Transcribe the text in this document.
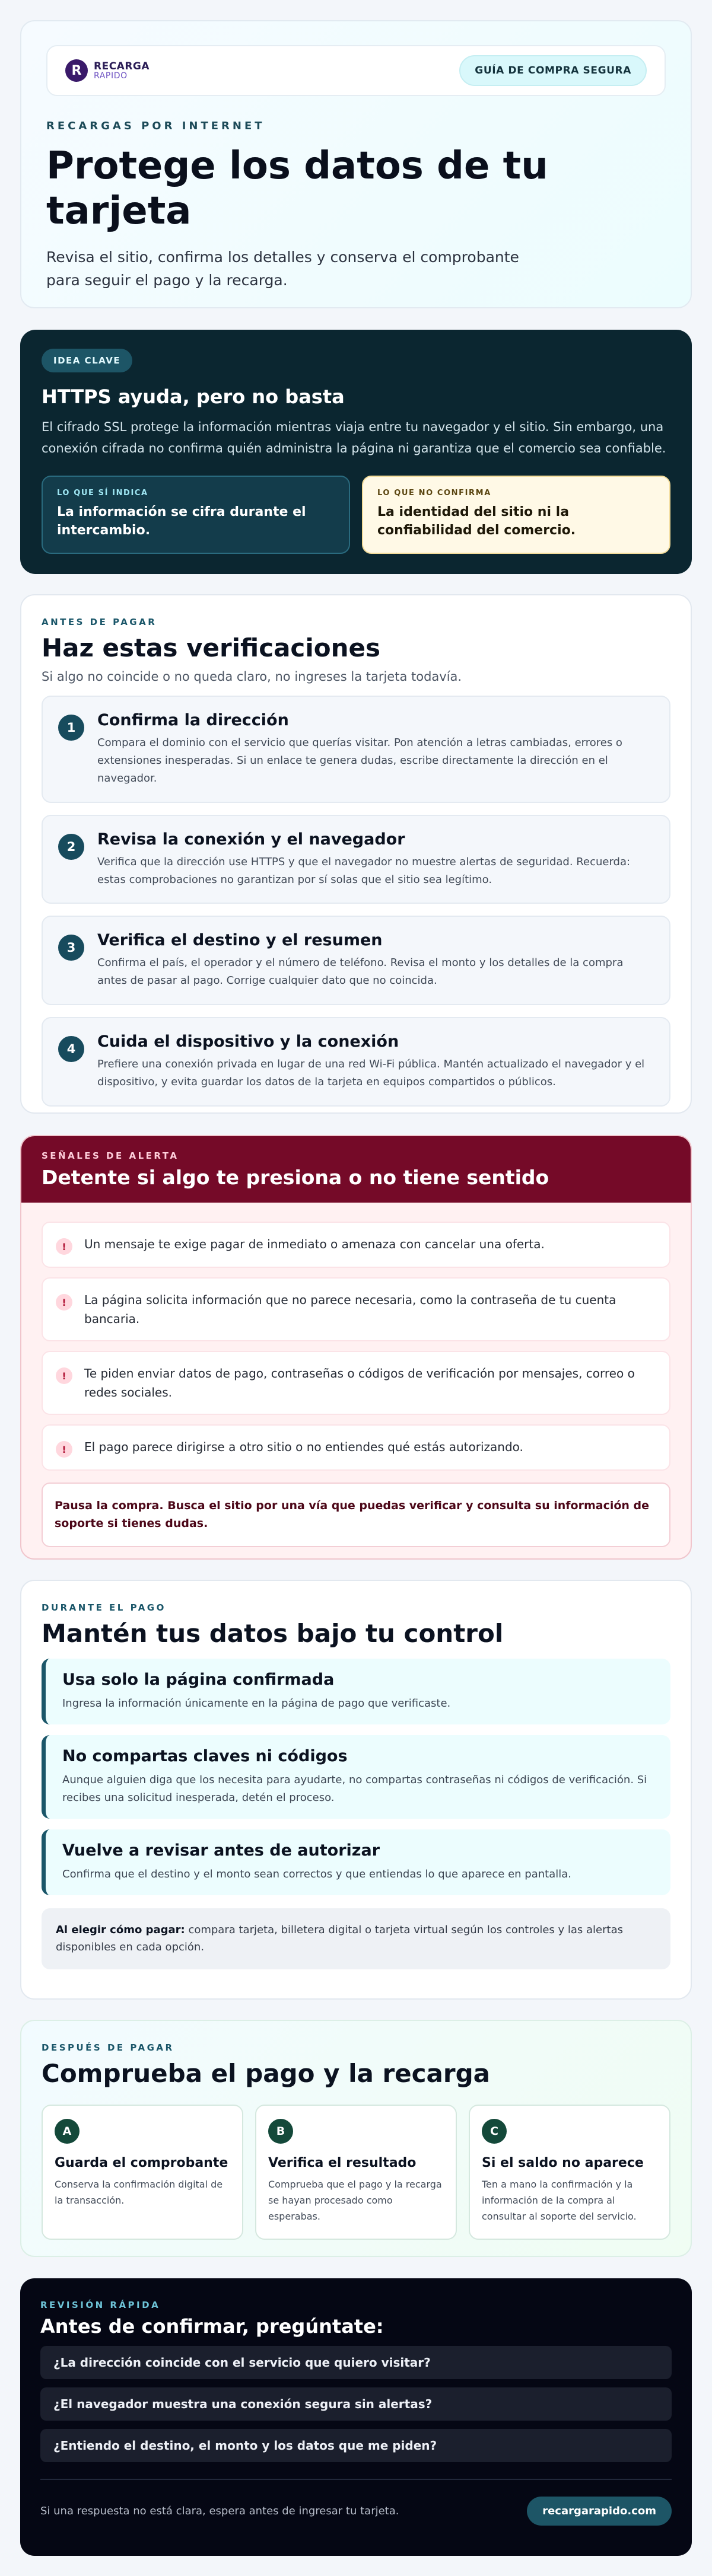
R	RECARGA
RAPIDO	GUÍA DE COMPRA SEGURA
RECARGAS POR INTERNET
Protege los datos de tu tarjeta

Revisa el sitio, confirma los detalles y conserva el comprobante para seguir el pago y la recarga.

IDEA CLAVE
HTTPS ayuda, pero no basta

El cifrado SSL protege la información mientras viaja entre tu navegador y el sitio. Sin embargo, una conexión cifrada no confirma quién administra la página ni garantiza que el comercio sea confiable.

LO QUE SÍ INDICA
La información se cifra durante el intercambio.
LO QUE NO CONFIRMA
La identidad del sitio ni la confiabilidad del comercio.
ANTES DE PAGAR
Haz estas verificaciones
Si algo no coincide o no queda claro, no ingreses la tarjeta todavía.
1	Confirma la dirección

Compara el dominio con el servicio que querías visitar. Pon atención a letras cambiadas, errores o extensiones inesperadas. Si un enlace te genera dudas, escribe directamente la dirección en el navegador.

2	Revisa la conexión y el navegador

Verifica que la dirección use HTTPS y que el navegador no muestre alertas de seguridad. Recuerda: estas comprobaciones no garantizan por sí solas que el sitio sea legítimo.

3	Verifica el destino y el resumen

Confirma el país, el operador y el número de teléfono. Revisa el monto y los detalles de la compra antes de pasar al pago. Corrige cualquier dato que no coincida.

4	Cuida el dispositivo y la conexión

Prefiere una conexión privada en lugar de una red Wi-Fi pública. Mantén actualizado el navegador y el dispositivo, y evita guardar los datos de la tarjeta en equipos compartidos o públicos.

SEÑALES DE ALERTA
Detente si algo te presiona o no tiene sentido
!	Un mensaje te exige pagar de inmediato o amenaza con cancelar una oferta.

!	La página solicita información que no parece necesaria, como la contraseña de tu cuenta bancaria.

!	Te piden enviar datos de pago, contraseñas o códigos de verificación por mensajes, correo o redes sociales.

!	El pago parece dirigirse a otro sitio o no entiendes qué estás autorizando.

Pausa la compra. Busca el sitio por una vía que puedas verificar y consulta su información de soporte si tienes dudas.
DURANTE EL PAGO
Mantén tus datos bajo tu control
Usa solo la página confirmada

Ingresa la información únicamente en la página de pago que verificaste.

No compartas claves ni códigos

Aunque alguien diga que los necesita para ayudarte, no compartas contraseñas ni códigos de verificación. Si recibes una solicitud inesperada, detén el proceso.

Vuelve a revisar antes de autorizar

Confirma que el destino y el monto sean correctos y que entiendas lo que aparece en pantalla.

Al elegir cómo pagar: compara tarjeta, billetera digital o tarjeta virtual según los controles y las alertas disponibles en cada opción.
DESPUÉS DE PAGAR
Comprueba el pago y la recarga
A
Guarda el comprobante

Conserva la confirmación digital de la transacción.

B
Verifica el resultado

Comprueba que el pago y la recarga se hayan procesado como esperabas.

C
Si el saldo no aparece

Ten a mano la confirmación y la información de la compra al consultar al soporte del servicio.

REVISIÓN RÁPIDA
Antes de confirmar, pregúntate:
¿La dirección coincide con el servicio que quiero visitar?
¿El navegador muestra una conexión segura sin alertas?
¿Entiendo el destino, el monto y los datos que me piden?

Si una respuesta no está clara, espera antes de ingresar tu tarjeta.	recargarapido.com
